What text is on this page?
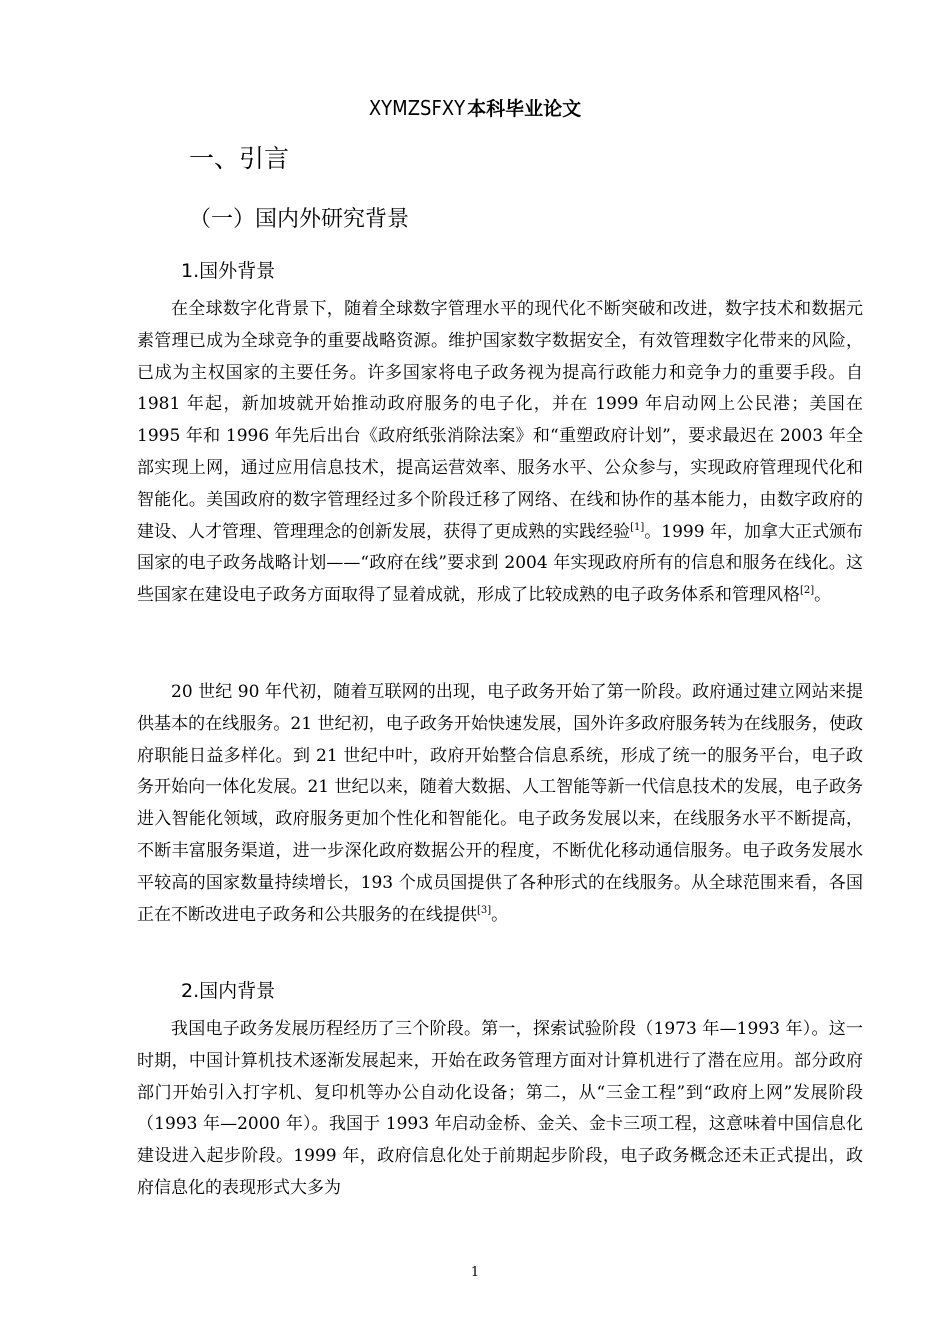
XYMZSFXY 本科毕业论文
一、引言
（一）国内外研究背景
1.国外背景

在全球数字化背景下，随着全球数字管理水平的现代化不断突破和改进，数字技术和数据元素管理已成为全球竞争的重要战略资源。维护国家数字数据安全，有效管理数字化带来的风险，已成为主权国家的主要任务。许多国家将电子政务视为提高行政能力和竞争力的重要手段。自 1981 年起，新加坡就开始推动政府服务的电子化，并在 1999 年启动网上公民港；美国在 1995 年和 1996 年先后出台《政府纸张消除法案》和“重塑政府计划”，要求最迟在 2003 年全部实现上网，通过应用信息技术，提高运营效率、服务水平、公众参与，实现政府管理现代化和智能化。美国政府的数字管理经过多个阶段迁移了网络、在线和协作的基本能力，由数字政府的建设、人才管理、管理理念的创新发展，获得了更成熟的实践经验[1]。1999 年，加拿大正式颁布国家的电子政务战略计划——“政府在线”要求到 2004 年实现政府所有的信息和服务在线化。这些国家在建设电子政务方面取得了显着成就，形成了比较成熟的电子政务体系和管理风格[2]。

20 世纪 90 年代初，随着互联网的出现，电子政务开始了第一阶段。政府通过建立网站来提供基本的在线服务。21 世纪初，电子政务开始快速发展，国外许多政府服务转为在线服务，使政府职能日益多样化。到 21 世纪中叶，政府开始整合信息系统，形成了统一的服务平台，电子政务开始向一体化发展。21 世纪以来，随着大数据、人工智能等新一代信息技术的发展，电子政务进入智能化领域，政府服务更加个性化和智能化。电子政务发展以来，在线服务水平不断提高，不断丰富服务渠道，进一步深化政府数据公开的程度，不断优化移动通信服务。电子政务发展水平较高的国家数量持续增长，193 个成员国提供了各种形式的在线服务。从全球范围来看，各国正在不断改进电子政务和公共服务的在线提供[3]。

2.国内背景

我国电子政务发展历程经历了三个阶段。第一，探索试验阶段（1973 年—1993 年）。这一时期，中国计算机技术逐渐发展起来，开始在政务管理方面对计算机进行了潜在应用。部分政府部门开始引入打字机、复印机等办公自动化设备；第二，从“三金工程”到“政府上网”发展阶段（1993 年—2000 年）。我国于 1993 年启动金桥、金关、金卡三项工程，这意味着中国信息化建设进入起步阶段。1999 年，政府信息化处于前期起步阶段，电子政务概念还未正式提出，政府信息化的表现形式大多为

1
